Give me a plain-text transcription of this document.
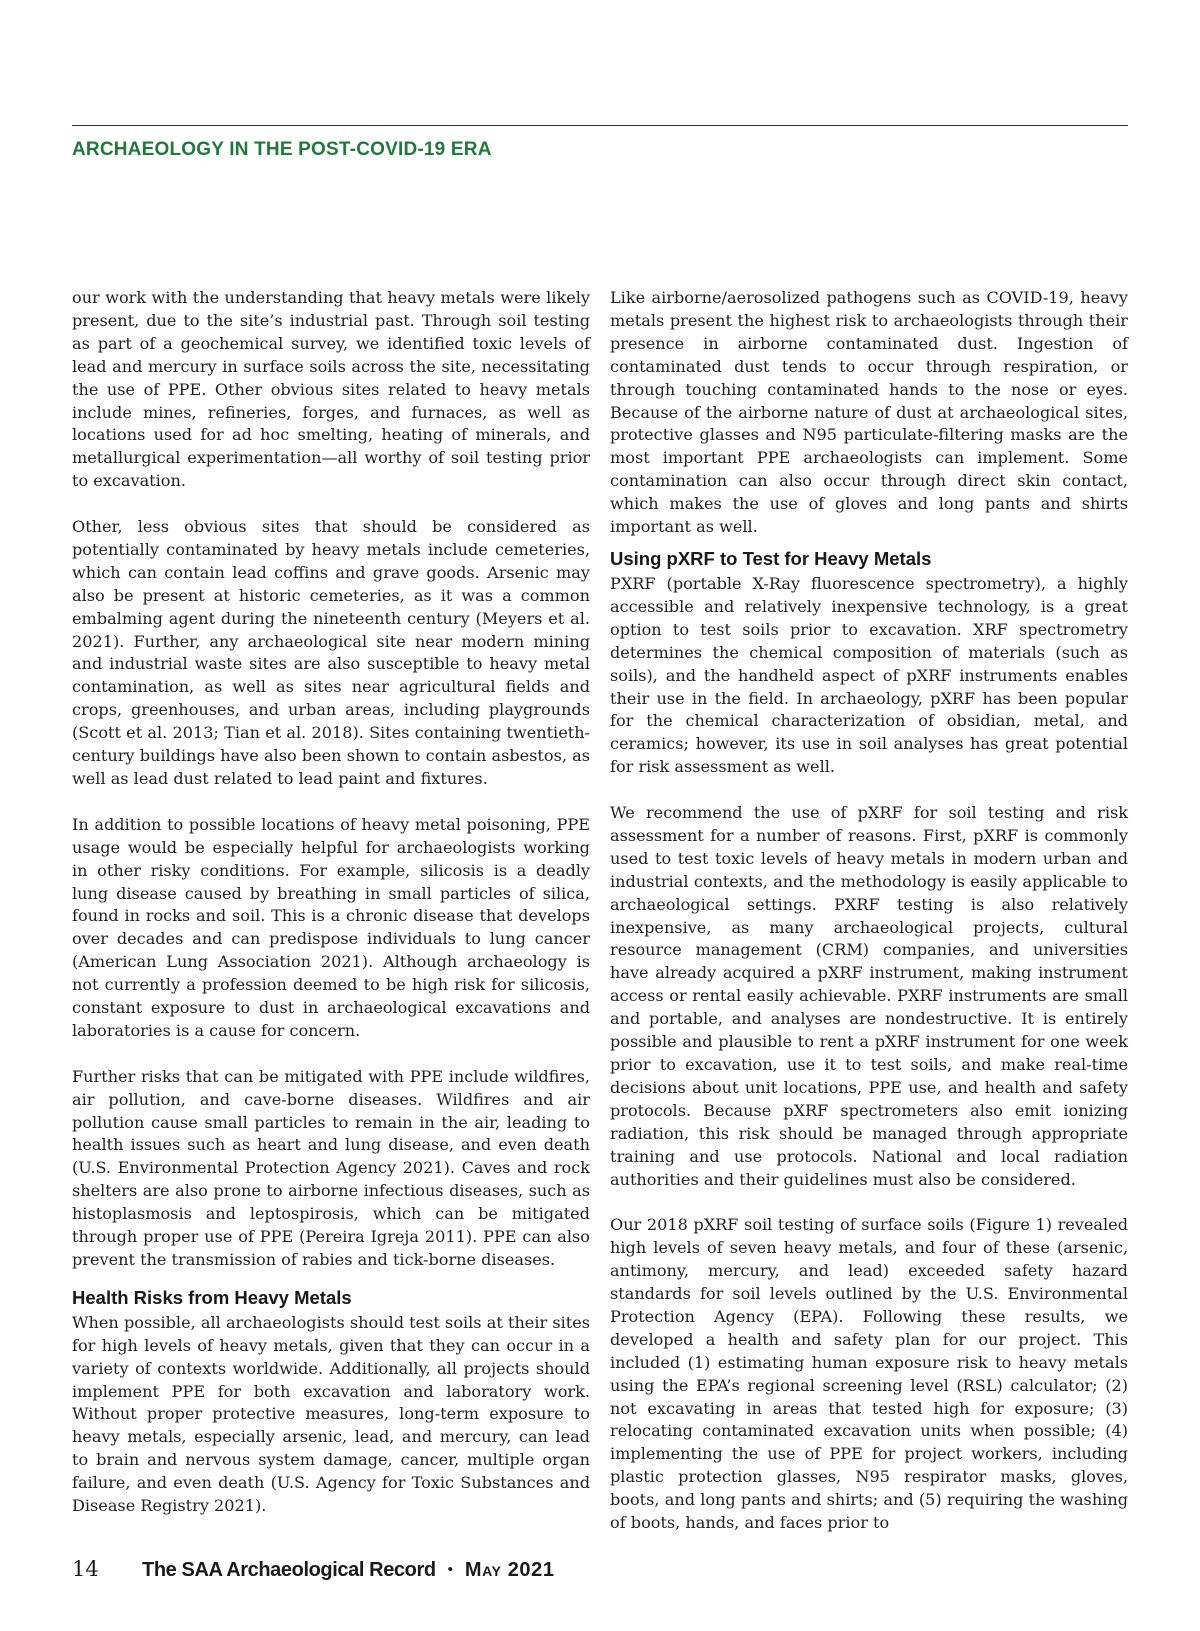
ARCHAEOLOGY IN THE POST-COVID-19 ERA

our work with the understanding that heavy metals were likely present, due to the site’s industrial past. Through soil testing as part of a geochemical survey, we identified toxic levels of lead and mercury in surface soils across the site, necessitating the use of PPE. Other obvious sites related to heavy metals include mines, refineries, forges, and furnaces, as well as locations used for ad hoc smelting, heating of minerals, and metallurgical experimentation—all worthy of soil testing prior to excavation.

Other, less obvious sites that should be considered as potentially contaminated by heavy metals include cemeteries, which can contain lead coffins and grave goods. Arsenic may also be present at historic cemeteries, as it was a common embalming agent during the nineteenth century (Meyers et al. 2021). Further, any archaeological site near modern mining and industrial waste sites are also susceptible to heavy metal contamination, as well as sites near agricultural fields and crops, greenhouses, and urban areas, including playgrounds (Scott et al. 2013; Tian et al. 2018). Sites containing twentieth-century buildings have also been shown to contain asbestos, as well as lead dust related to lead paint and fixtures.

In addition to possible locations of heavy metal poisoning, PPE usage would be especially helpful for archaeologists working in other risky conditions. For example, silicosis is a deadly lung disease caused by breathing in small particles of silica, found in rocks and soil. This is a chronic disease that develops over decades and can predispose individuals to lung cancer (American Lung Association 2021). Although archaeology is not currently a profession deemed to be high risk for silicosis, constant exposure to dust in archaeological excavations and laboratories is a cause for concern.

Further risks that can be mitigated with PPE include wildfires, air pollution, and cave-borne diseases. Wildfires and air pollution cause small particles to remain in the air, leading to health issues such as heart and lung disease, and even death (U.S. Environmental Protection Agency 2021). Caves and rock shelters are also prone to airborne infectious diseases, such as histoplasmosis and leptospirosis, which can be mitigated through proper use of PPE (Pereira Igreja 2011). PPE can also prevent the transmission of rabies and tick-borne diseases.

Health Risks from Heavy Metals

When possible, all archaeologists should test soils at their sites for high levels of heavy metals, given that they can occur in a variety of contexts worldwide. Additionally, all projects should implement PPE for both excavation and laboratory work. Without proper protective measures, long-term exposure to heavy metals, especially arsenic, lead, and mercury, can lead to brain and nervous system damage, cancer, multiple organ failure, and even death (U.S. Agency for Toxic Substances and Disease Registry 2021).

Like airborne/aerosolized pathogens such as COVID-19, heavy metals present the highest risk to archaeologists through their presence in airborne contaminated dust. Ingestion of contaminated dust tends to occur through respiration, or through touching contaminated hands to the nose or eyes. Because of the airborne nature of dust at archaeological sites, protective glasses and N95 particulate-filtering masks are the most important PPE archaeologists can implement. Some contamination can also occur through direct skin contact, which makes the use of gloves and long pants and shirts important as well.

Using pXRF to Test for Heavy Metals

PXRF (portable X-Ray fluorescence spectrometry), a highly accessible and relatively inexpensive technology, is a great option to test soils prior to excavation. XRF spectrometry determines the chemical composition of materials (such as soils), and the handheld aspect of pXRF instruments enables their use in the field. In archaeology, pXRF has been popular for the chemical characterization of obsidian, metal, and ceramics; however, its use in soil analyses has great potential for risk assessment as well.

We recommend the use of pXRF for soil testing and risk assessment for a number of reasons. First, pXRF is commonly used to test toxic levels of heavy metals in modern urban and industrial contexts, and the methodology is easily applicable to archaeological settings. PXRF testing is also relatively inexpensive, as many archaeological projects, cultural resource management (CRM) companies, and universities have already acquired a pXRF instrument, making instrument access or rental easily achievable. PXRF instruments are small and portable, and analyses are nondestructive. It is entirely possible and plausible to rent a pXRF instrument for one week prior to excavation, use it to test soils, and make real-time decisions about unit locations, PPE use, and health and safety protocols. Because pXRF spectrometers also emit ionizing radiation, this risk should be managed through appropriate training and use protocols. National and local radiation authorities and their guidelines must also be considered.

Our 2018 pXRF soil testing of surface soils (Figure 1) revealed high levels of seven heavy metals, and four of these (arsenic, antimony, mercury, and lead) exceeded safety hazard standards for soil levels outlined by the U.S. Environmental Protection Agency (EPA). Following these results, we developed a health and safety plan for our project. This included (1) estimating human exposure risk to heavy metals using the EPA’s regional screening level (RSL) calculator; (2) not excavating in areas that tested high for exposure; (3) relocating contaminated excavation units when possible; (4) implementing the use of PPE for project workers, including plastic protection glasses, N95 respirator masks, gloves, boots, and long pants and shirts; and (5) requiring the washing of boots, hands, and faces prior to

14	The SAA Archaeological Record • May 2021
